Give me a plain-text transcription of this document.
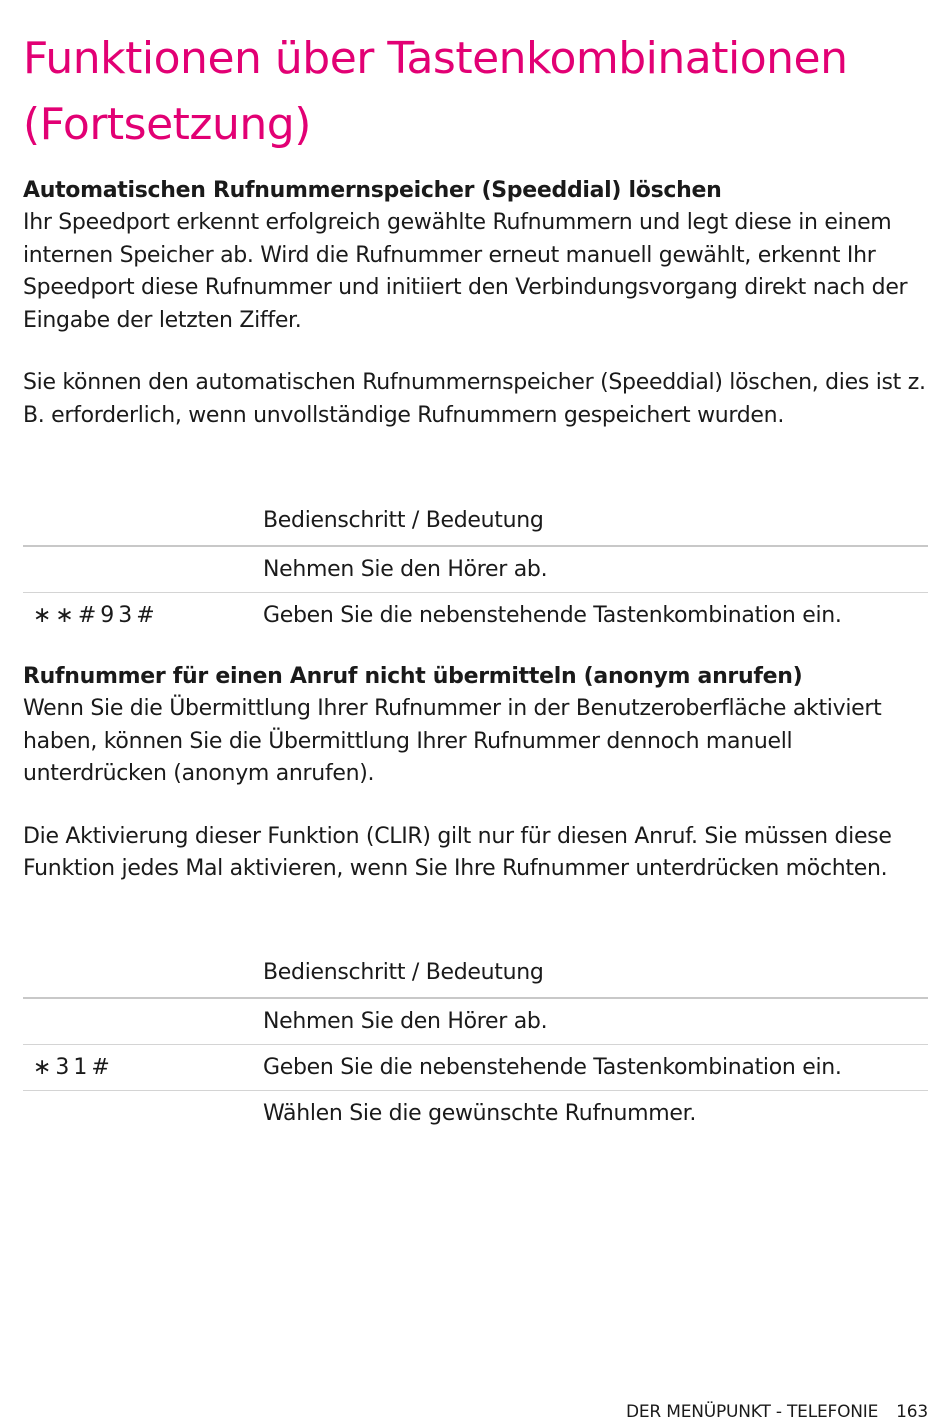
Funktionen über Tastenkombinationen
(Fortsetzung)
Automatischen Rufnummernspeicher (Speeddial) löschen

Ihr Speedport erkennt erfolgreich gewählte Rufnummern und legt diese in einem internen Speicher ab. Wird die Rufnummer erneut manuell gewählt, erkennt Ihr Speedport diese Rufnummer und initiiert den Verbindungsvorgang direkt nach der Eingabe der letzten Ziffer.

Sie können den automatischen Rufnummernspeicher (Speeddial) löschen, dies ist z. B. erforderlich, wenn unvollständige Rufnummern gespeichert wurden.

	Bedienschritt / Bedeutung
	Nehmen Sie den Hörer ab.
∗∗#93#	Geben Sie die nebenstehende Tastenkombination ein.
Rufnummer für einen Anruf nicht übermitteln (anonym anrufen)

Wenn Sie die Übermittlung Ihrer Rufnummer in der Benutzeroberfläche aktiviert haben, können Sie die Übermittlung Ihrer Rufnummer dennoch manuell unterdrücken (anonym anrufen).

Die Aktivierung dieser Funktion (CLIR) gilt nur für diesen Anruf. Sie müssen diese Funktion jedes Mal aktivieren, wenn Sie Ihre Rufnummer unterdrücken möchten.

	Bedienschritt / Bedeutung
	Nehmen Sie den Hörer ab.
∗31#	Geben Sie die nebenstehende Tastenkombination ein.
	Wählen Sie die gewünschte Rufnummer.
DER MENÜPUNKT - TELEFONIE 163
